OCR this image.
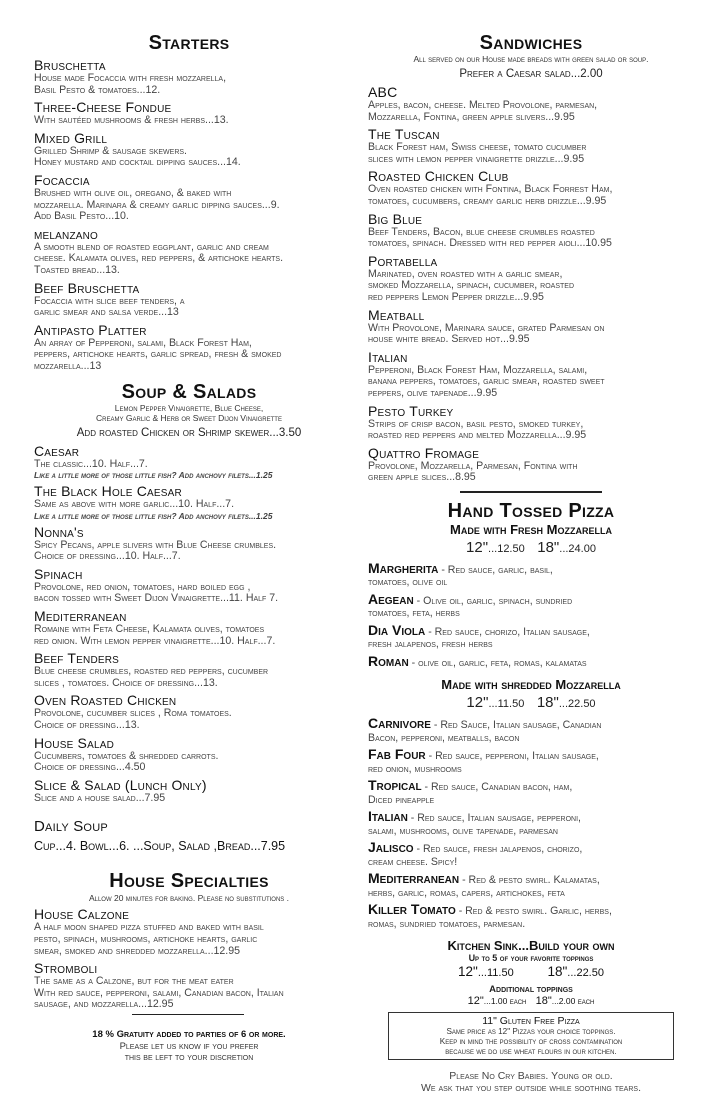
Starters
Bruschetta
House made Focaccia with fresh mozzarella,
Basil Pesto & tomatoes...12.
Three-Cheese Fondue
With sautéed mushrooms & fresh herbs...13.
Mixed Grill
Grilled Shrimp & sausage skewers.
Honey mustard and cocktail dipping sauces...14.
Focaccia
Brushed with olive oil, oregano, & baked with
mozzarella. Marinara & creamy garlic dipping sauces...9.
Add Basil Pesto...10.
melanzano
A smooth blend of roasted eggplant, garlic and cream
cheese. Kalamata olives, red peppers, & artichoke hearts.
Toasted bread...13.
Beef Bruschetta
Focaccia with slice beef tenders, a
garlic smear and salsa verde...13
Antipasto Platter
An array of Pepperoni, salami, Black Forest Ham,
peppers, artichoke hearts, garlic spread, fresh & smoked
mozzarella...13
Soup & Salads
Lemon Pepper Vinaigrette, Blue Cheese,
Creamy Garlic & Herb or Sweet Dijon Vinaigrette
Add roasted Chicken or Shrimp skewer...3.50
Caesar
The classic...10. Half...7.
Like a little more of those little fish? Add anchovy filets...1.25
The Black Hole Caesar
Same as above with more garlic...10. Half...7.
Like a little more of those little fish? Add anchovy filets...1.25
Nonna's
Spicy Pecans, apple slivers with Blue Cheese crumbles.
Choice of dressing...10. Half...7.
Spinach
Provolone, red onion, tomatoes, hard boiled egg ,
bacon tossed with Sweet Dijon Vinaigrette...11. Half 7.
Mediterranean
Romaine with Feta Cheese, Kalamata olives, tomatoes
red onion. With lemon pepper vinaigrette...10. Half...7.
Beef Tenders
Blue cheese crumbles, roasted red peppers, cucumber
slices , tomatoes. Choice of dressing...13.
Oven Roasted Chicken
Provolone, cucumber slices , Roma tomatoes.
Choice of dressing...13.
House Salad
Cucumbers, tomatoes & shredded carrots.
Choice of dressing...4.50
Slice & Salad (Lunch Only)
Slice and a house salad...7.95
Daily Soup
Cup...4. Bowl...6. ...Soup, Salad ,Bread...7.95
House Specialties
Allow 20 minutes for baking. Please no substitutions .
House Calzone
A half moon shaped pizza stuffed and baked with basil
pesto, spinach, mushrooms, artichoke hearts, garlic
smear, smoked and shredded mozzarella...12.95
Stromboli
The same as a Calzone, but for the meat eater
With red sauce, pepperoni, salami, Canadian bacon, Italian
sausage, and mozzarella...12.95
18 % Gratuity added to parties of 6 or more.
Please let us know if you prefer
this be left to your discretion
Sandwiches
All served on our House made breads with green salad or soup.
Prefer a Caesar salad...2.00
ABC
Apples, bacon, cheese. Melted Provolone, parmesan,
Mozzarella, Fontina, green apple slivers...9.95
The Tuscan
Black Forest ham, Swiss cheese, tomato cucumber
slices with lemon pepper vinaigrette drizzle...9.95
Roasted Chicken Club
Oven roasted chicken with Fontina, Black Forrest Ham,
tomatoes, cucumbers, creamy garlic herb drizzle...9.95
Big Blue
Beef Tenders, Bacon, blue cheese crumbles roasted
tomatoes, spinach. Dressed with red pepper aioli...10.95
Portabella
Marinated, oven roasted with a garlic smear,
smoked Mozzarella, spinach, cucumber, roasted
red peppers Lemon Pepper drizzle...9.95
Meatball
With Provolone, Marinara sauce, grated Parmesan on
house white bread. Served hot...9.95
Italian
Pepperoni, Black Forest Ham, Mozzarella, salami,
banana peppers, tomatoes, garlic smear, roasted sweet
peppers, olive tapenade...9.95
Pesto Turkey
Strips of crisp bacon, basil pesto, smoked turkey,
roasted red peppers and melted Mozzarella...9.95
Quattro Fromage
Provolone, Mozzarella, Parmesan, Fontina with
green apple slices...8.95
Hand Tossed Pizza
Made with Fresh Mozzarella
12"...12.50 18"...24.00
Margherita - Red sauce, garlic, basil,
tomatoes, olive oil
Aegean - Olive oil, garlic, spinach, sundried
tomatoes, feta, herbs
Dia Viola - Red sauce, chorizo, Italian sausage,
fresh jalapenos, fresh herbs
Roman - olive oil, garlic, feta, romas, kalamatas
Made with shredded Mozzarella
12"...11.50 18"...22.50
Carnivore - Red Sauce, Italian sausage, Canadian
Bacon, pepperoni, meatballs, bacon
Fab Four - Red sauce, pepperoni, Italian sausage,
red onion, mushrooms
Tropical - Red sauce, Canadian bacon, ham,
Diced pineapple
Italian - Red sauce, Italian sausage, pepperoni,
salami, mushrooms, olive tapenade, parmesan
Jalisco - Red sauce, fresh jalapenos, chorizo,
cream cheese. Spicy!
Mediterranean - Red & pesto swirl. Kalamatas,
herbs, garlic, romas, capers, artichokes, feta
Killer Tomato - Red & pesto swirl. Garlic, herbs,
romas, sundried tomatoes, parmesan.
Kitchen Sink...Build your own
Up to 5 of your favorite toppings
12"...11.50	18"...22.50
Additional toppings
12"...1.00 each 18"...2.00 each
11" Gluten Free Pizza
Same price as 12" Pizzas your choice toppings.
Keep in mind the possibility of cross contamination
because we do use wheat flours in our kitchen.
Please No Cry Babies. Young or old.
We ask that you step outside while soothing tears.
